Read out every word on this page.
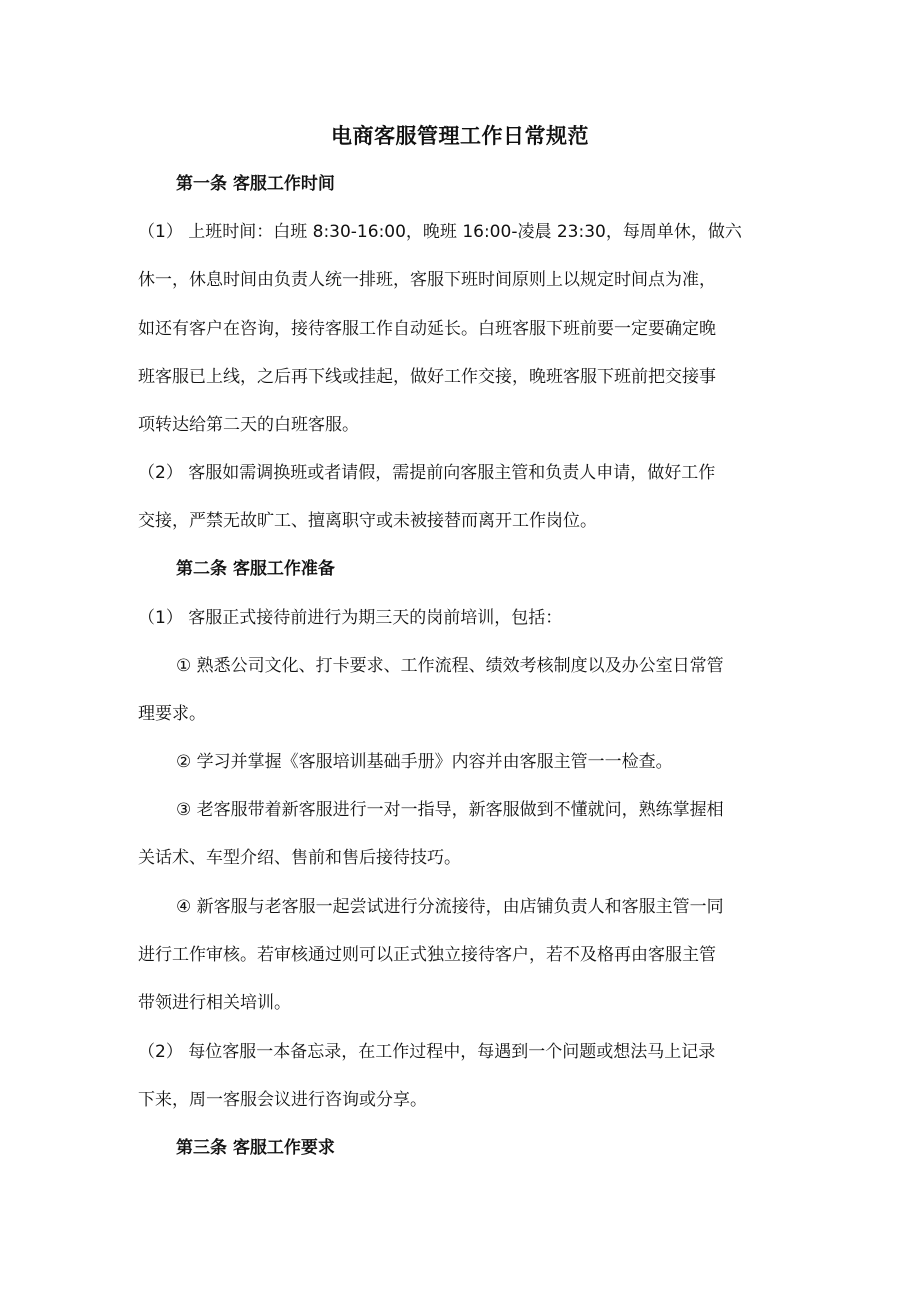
电商客服管理工作日常规范
第一条 客服工作时间
（1） 上班时间：白班 8:30-16:00，晚班 16:00-凌晨 23:30，每周单休，做六
休一，休息时间由负责人统一排班，客服下班时间原则上以规定时间点为准，
如还有客户在咨询，接待客服工作自动延长。白班客服下班前要一定要确定晚
班客服已上线，之后再下线或挂起，做好工作交接，晚班客服下班前把交接事
项转达给第二天的白班客服。
（2） 客服如需调换班或者请假，需提前向客服主管和负责人申请，做好工作
交接，严禁无故旷工、擅离职守或未被接替而离开工作岗位。
第二条 客服工作准备
（1） 客服正式接待前进行为期三天的岗前培训，包括：
① 熟悉公司文化、打卡要求、工作流程、绩效考核制度以及办公室日常管
理要求。
② 学习并掌握《客服培训基础手册》内容并由客服主管一一检查。
③ 老客服带着新客服进行一对一指导，新客服做到不懂就问，熟练掌握相
关话术、车型介绍、售前和售后接待技巧。
④ 新客服与老客服一起尝试进行分流接待，由店铺负责人和客服主管一同
进行工作审核。若审核通过则可以正式独立接待客户，若不及格再由客服主管
带领进行相关培训。
（2） 每位客服一本备忘录，在工作过程中，每遇到一个问题或想法马上记录
下来，周一客服会议进行咨询或分享。
第三条 客服工作要求
